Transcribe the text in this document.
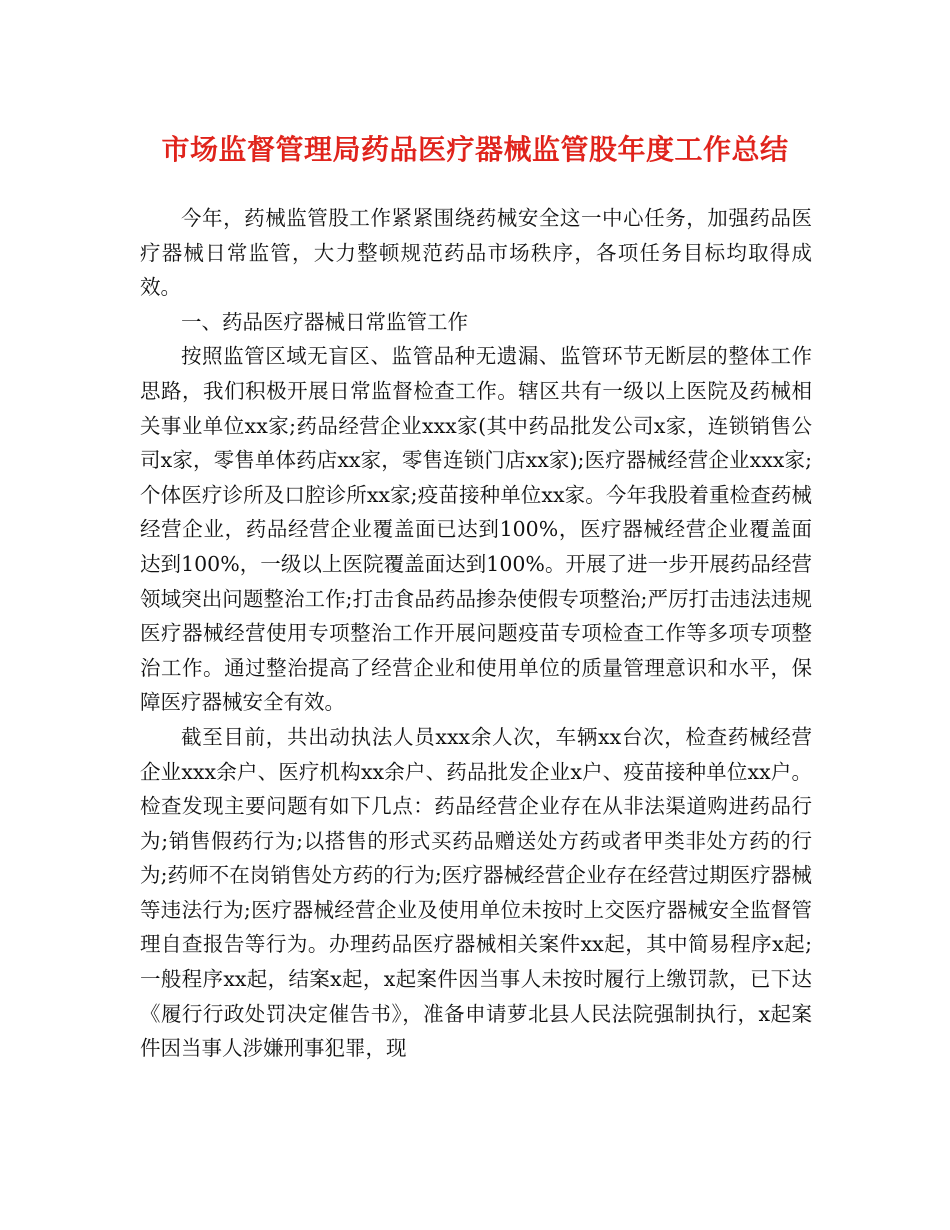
市场监督管理局药品医疗器械监管股年度工作总结

今年，药械监管股工作紧紧围绕药械安全这一中心任务，加强药品医疗器械日常监管，大力整顿规范药品市场秩序，各项任务目标均取得成效。

一、药品医疗器械日常监管工作

按照监管区域无盲区、监管品种无遗漏、监管环节无断层的整体工作思路，我们积极开展日常监督检查工作。辖区共有一级以上医院及药械相关事业单位xx家;药品经营企业xxx家(其中药品批发公司x家，连锁销售公司x家，零售单体药店xx家，零售连锁门店xx家);医疗器械经营企业xxx家;个体医疗诊所及口腔诊所xx家;疫苗接种单位xx家。今年我股着重检查药械经营企业，药品经营企业覆盖面已达到100%，医疗器械经营企业覆盖面达到100%，一级以上医院覆盖面达到100%。开展了进一步开展药品经营领域突出问题整治工作;打击食品药品掺杂使假专项整治;严厉打击违法违规医疗器械经营使用专项整治工作开展问题疫苗专项检查工作等多项专项整治工作。通过整治提高了经营企业和使用单位的质量管理意识和水平，保障医疗器械安全有效。

截至目前，共出动执法人员xxx余人次，车辆xx台次，检查药械经营企业xxx余户、医疗机构xx余户、药品批发企业x户、疫苗接种单位xx户。检查发现主要问题有如下几点：药品经营企业存在从非法渠道购进药品行为;销售假药行为;以搭售的形式买药品赠送处方药或者甲类非处方药的行为;药师不在岗销售处方药的行为;医疗器械经营企业存在经营过期医疗器械等违法行为;医疗器械经营企业及使用单位未按时上交医疗器械安全监督管理自查报告等行为。办理药品医疗器械相关案件xx起，其中简易程序x起;一般程序xx起，结案x起，x起案件因当事人未按时履行上缴罚款，已下达《履行行政处罚决定催告书》，准备申请萝北县人民法院强制执行，x起案件因当事人涉嫌刑事犯罪，现
